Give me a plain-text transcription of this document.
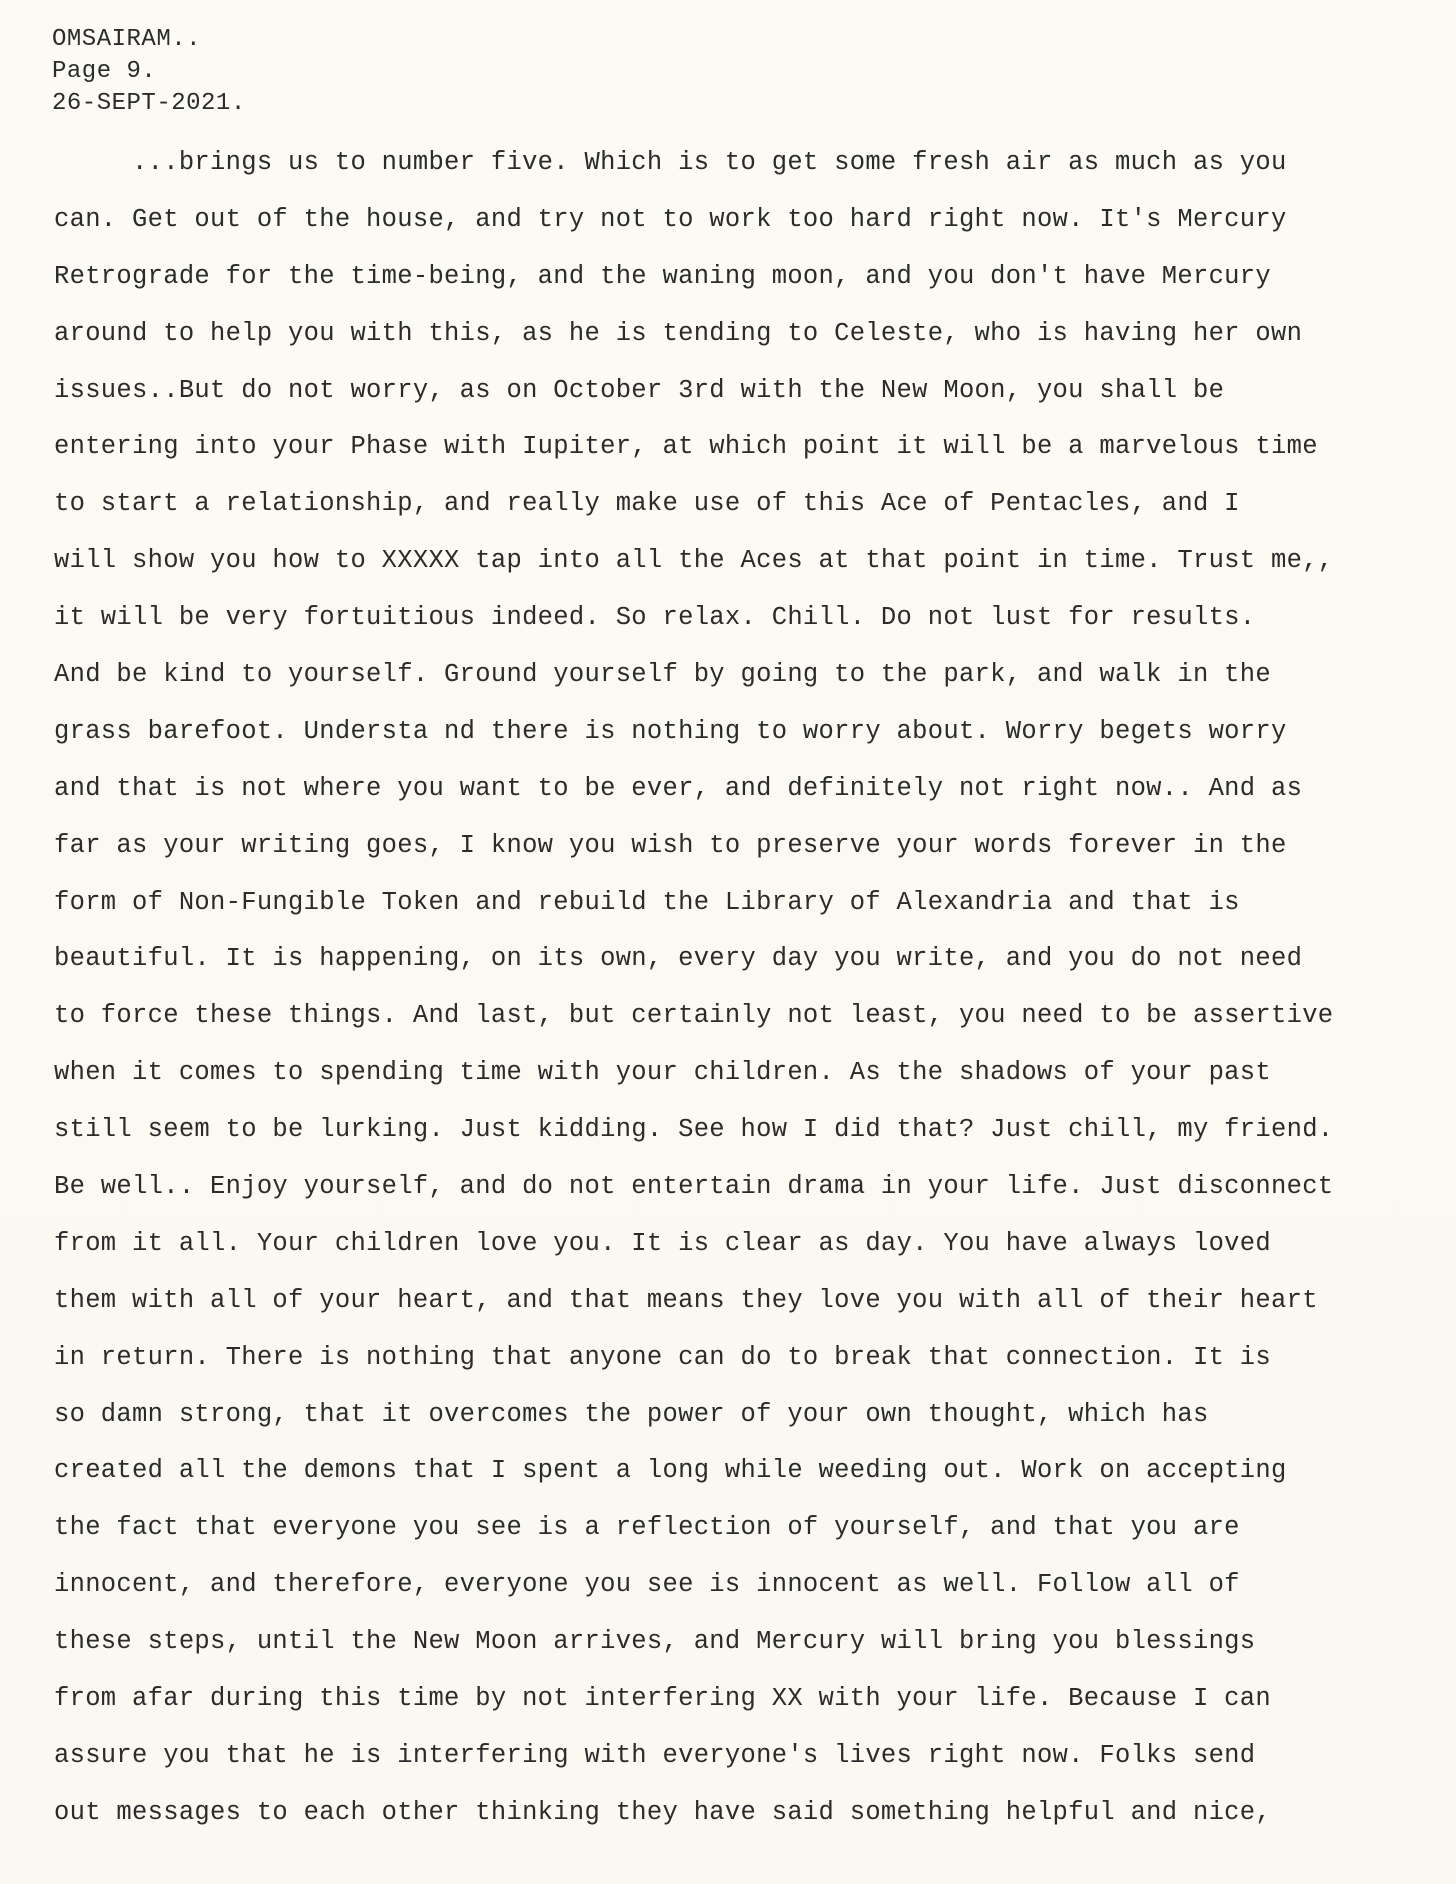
OMSAIRAM..
Page 9.
26-SEPT-2021.
...brings us to number five. Which is to get some fresh air as much as you
can. Get out of the house, and try not to work too hard right now. It's Mercury
Retrograde for the time-being, and the waning moon, and you don't have Mercury
around to help you with this, as he is tending to Celeste, who is having her own
issues..But do not worry, as on October 3rd with the New Moon, you shall be
entering into your Phase with Iupiter, at which point it will be a marvelous time
to start a relationship, and really make use of this Ace of Pentacles, and I
will show you how to XXXXX tap into all the Aces at that point in time. Trust me,,
it will be very fortuitious indeed. So relax. Chill. Do not lust for results.
And be kind to yourself. Ground yourself by going to the park, and walk in the
grass barefoot. Understa nd there is nothing to worry about. Worry begets worry
and that is not where you want to be ever, and definitely not right now.. And as
far as your writing goes, I know you wish to preserve your words forever in the
form of Non-Fungible Token and rebuild the Library of Alexandria and that is
beautiful. It is happening, on its own, every day you write, and you do not need
to force these things. And last, but certainly not least, you need to be assertive
when it comes to spending time with your children. As the shadows of your past
still seem to be lurking. Just kidding. See how I did that? Just chill, my friend.
Be well.. Enjoy yourself, and do not entertain drama in your life. Just disconnect
from it all. Your children love you. It is clear as day. You have always loved
them with all of your heart, and that means they love you with all of their heart
in return. There is nothing that anyone can do to break that connection. It is
so damn strong, that it overcomes the power of your own thought, which has
created all the demons that I spent a long while weeding out. Work on accepting
the fact that everyone you see is a reflection of yourself, and that you are
innocent, and therefore, everyone you see is innocent as well. Follow all of
these steps, until the New Moon arrives, and Mercury will bring you blessings
from afar during this time by not interfering XX with your life. Because I can
assure you that he is interfering with everyone's lives right now. Folks send
out messages to each other thinking they have said something helpful and nice,
